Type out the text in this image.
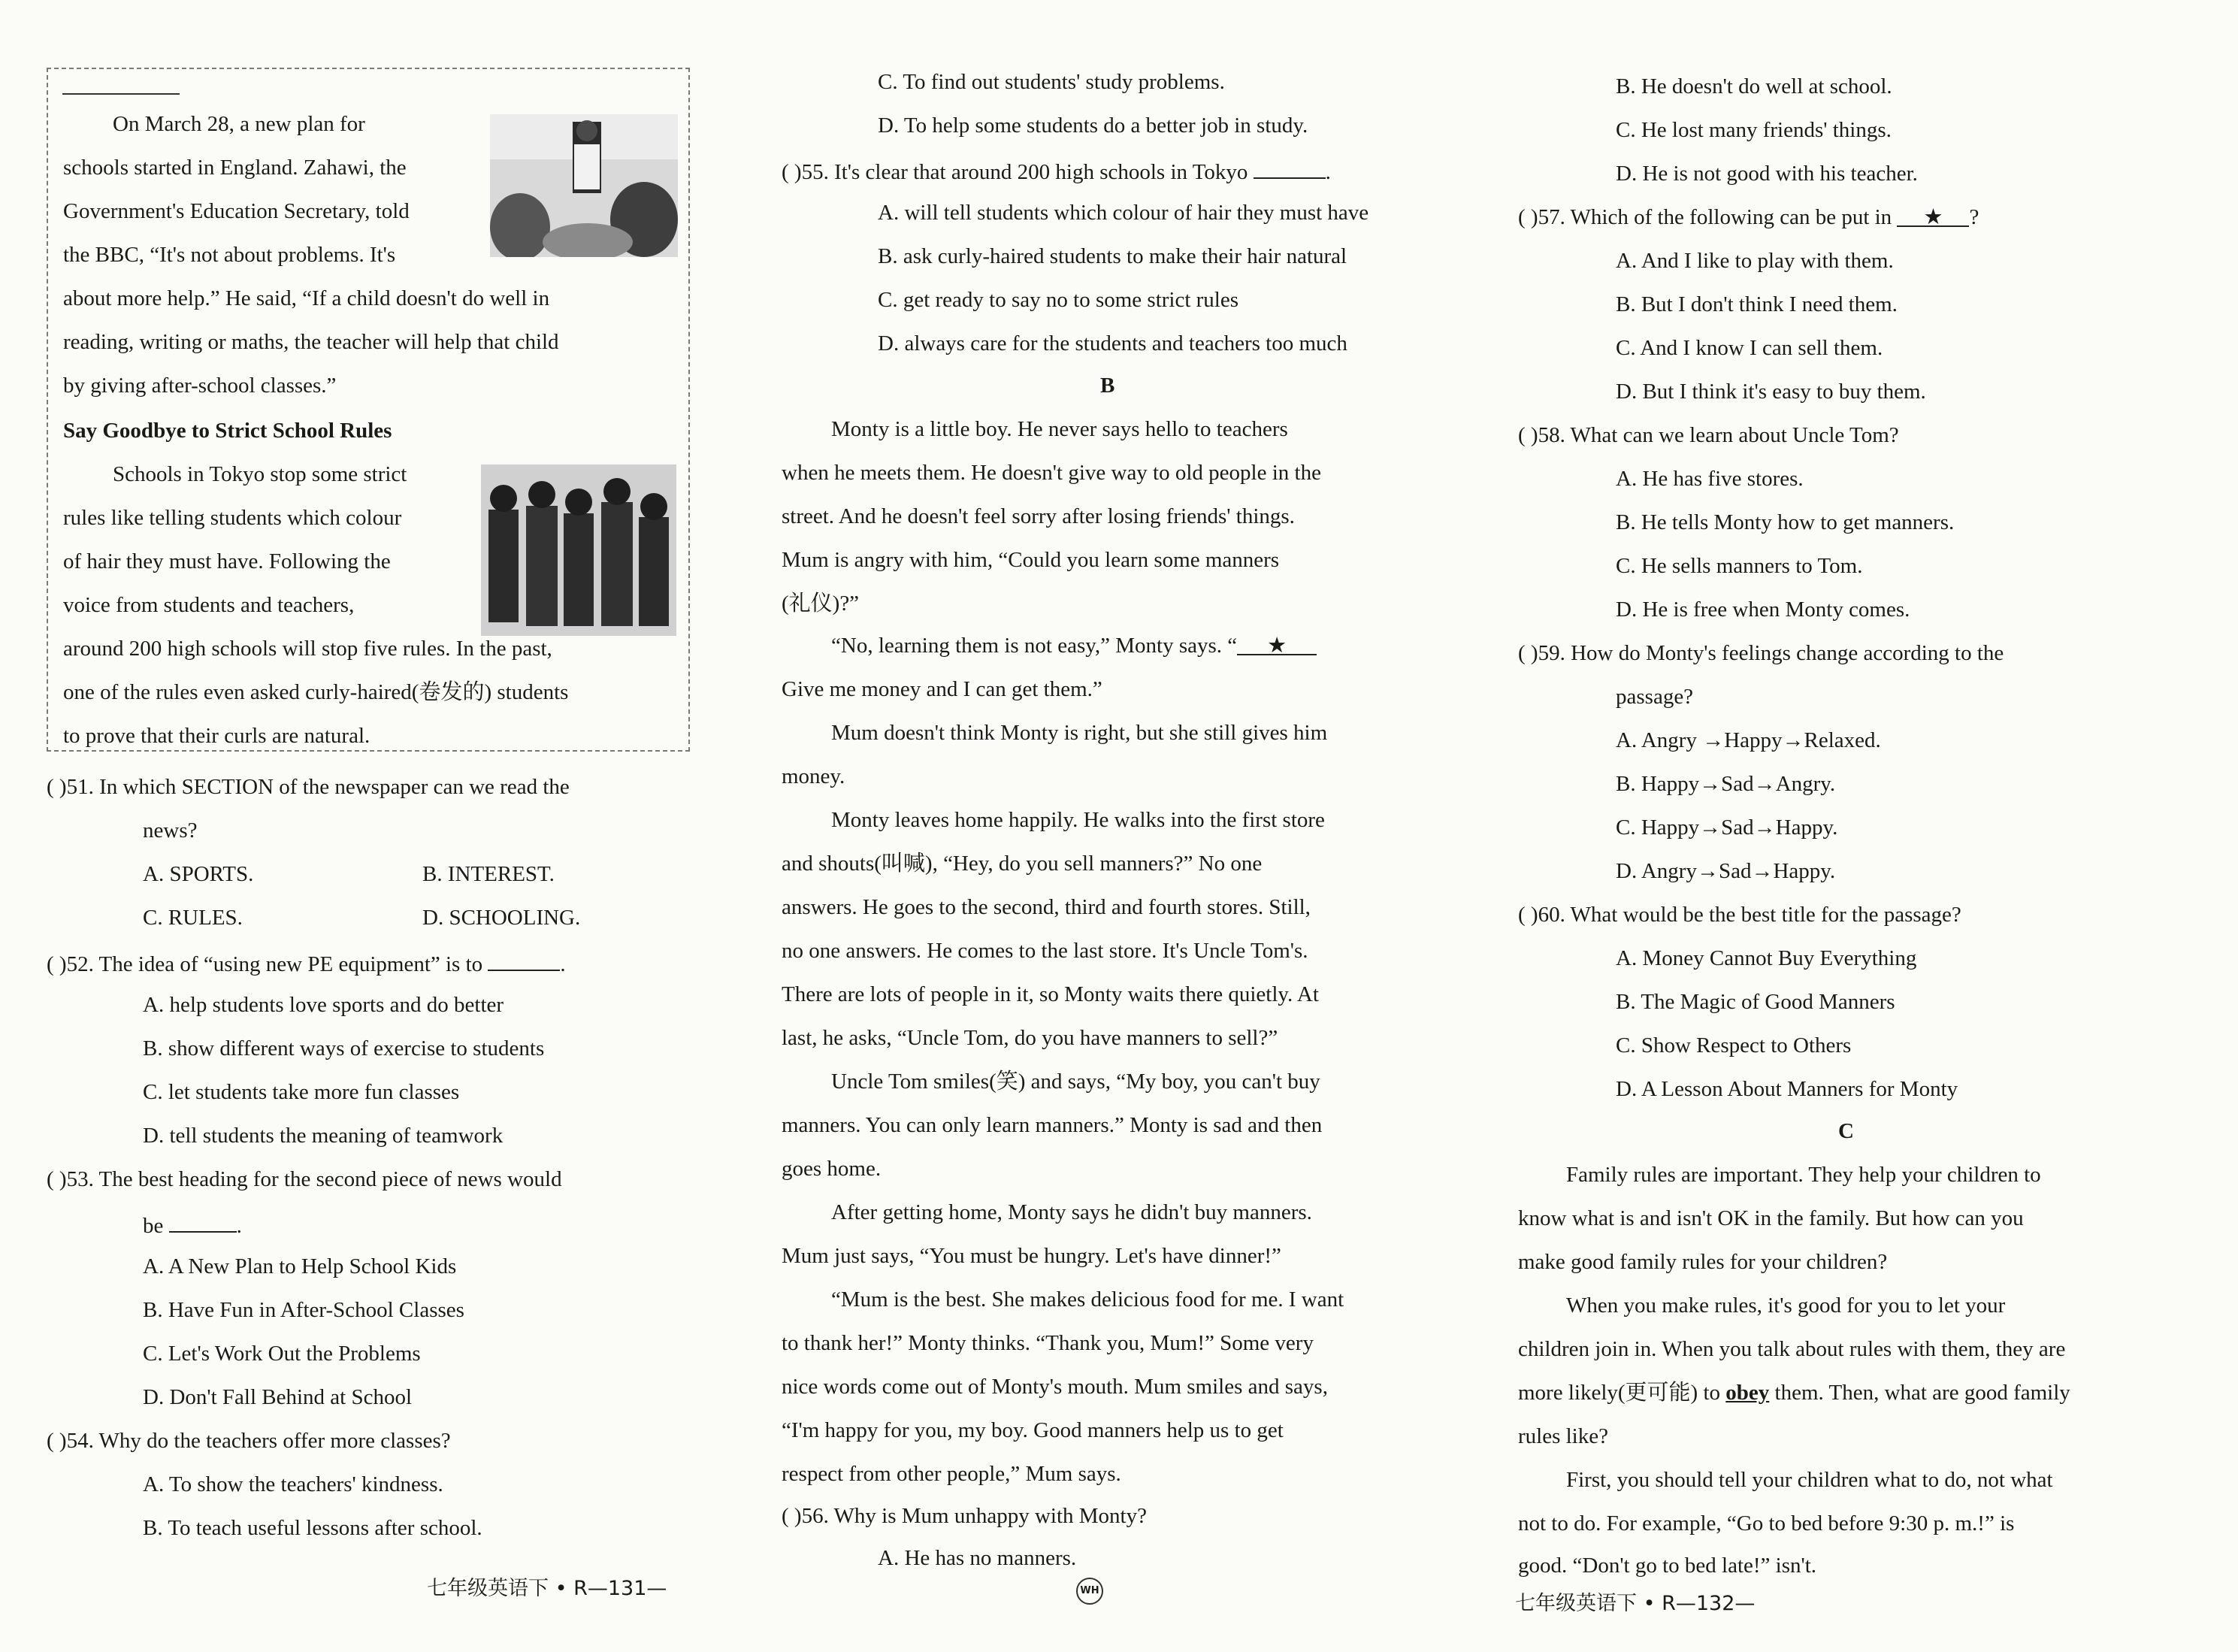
On March 28, a new plan for
schools started in England. Zahawi, the
Government's Education Secretary, told
the BBC, “It's not about problems. It's
about more help.” He said, “If a child doesn't do well in
reading, writing or maths, the teacher will help that child
by giving after-school classes.”
Say Goodbye to Strict School Rules
Schools in Tokyo stop some strict
rules like telling students which colour
of hair they must have. Following the
voice from students and teachers,
around 200 high schools will stop five rules. In the past,
one of the rules even asked curly-haired(卷发的) students
to prove that their curls are natural.
( )51. In which SECTION of the newspaper can we read the
news?
A. SPORTS.	B. INTEREST.
C. RULES.	D. SCHOOLING.
( )52. The idea of “using new PE equipment” is to	.
A. help students love sports and do better
B. show different ways of exercise to students
C. let students take more fun classes
D. tell students the meaning of teamwork
( )53. The best heading for the second piece of news would
be	.
A. A New Plan to Help School Kids
B. Have Fun in After-School Classes
C. Let's Work Out the Problems
D. Don't Fall Behind at School
( )54. Why do the teachers offer more classes?
A. To show the teachers' kindness.
B. To teach useful lessons after school.
七年级英语下 • R—131—
C. To find out students' study problems.
D. To help some students do a better job in study.
( )55. It's clear that around 200 high schools in Tokyo	.
A. will tell students which colour of hair they must have
B. ask curly-haired students to make their hair natural
C. get ready to say no to some strict rules
D. always care for the students and teachers too much
B
Monty is a little boy. He never says hello to teachers
when he meets them. He doesn't give way to old people in the
street. And he doesn't feel sorry after losing friends' things.
Mum is angry with him, “Could you learn some manners
(礼仪)?”
“No, learning them is not easy,” Monty says. “ ★
Give me money and I can get them.”
Mum doesn't think Monty is right, but she still gives him
money.
Monty leaves home happily. He walks into the first store
and shouts(叫喊), “Hey, do you sell manners?” No one
answers. He goes to the second, third and fourth stores. Still,
no one answers. He comes to the last store. It's Uncle Tom's.
There are lots of people in it, so Monty waits there quietly. At
last, he asks, “Uncle Tom, do you have manners to sell?”
Uncle Tom smiles(笑) and says, “My boy, you can't buy
manners. You can only learn manners.” Monty is sad and then
goes home.
After getting home, Monty says he didn't buy manners.
Mum just says, “You must be hungry. Let's have dinner!”
“Mum is the best. She makes delicious food for me. I want
to thank her!” Monty thinks. “Thank you, Mum!” Some very
nice words come out of Monty's mouth. Mum smiles and says,
“I'm happy for you, my boy. Good manners help us to get
respect from other people,” Mum says.
( )56. Why is Mum unhappy with Monty?
A. He has no manners.
WH
B. He doesn't do well at school.
C. He lost many friends' things.
D. He is not good with his teacher.
( )57. Which of the following can be put in ★ ?
A. And I like to play with them.
B. But I don't think I need them.
C. And I know I can sell them.
D. But I think it's easy to buy them.
( )58. What can we learn about Uncle Tom?
A. He has five stores.
B. He tells Monty how to get manners.
C. He sells manners to Tom.
D. He is free when Monty comes.
( )59. How do Monty's feelings change according to the
passage?
A. Angry →Happy→Relaxed.
B. Happy→Sad→Angry.
C. Happy→Sad→Happy.
D. Angry→Sad→Happy.
( )60. What would be the best title for the passage?
A. Money Cannot Buy Everything
B. The Magic of Good Manners
C. Show Respect to Others
D. A Lesson About Manners for Monty
C
Family rules are important. They help your children to
know what is and isn't OK in the family. But how can you
make good family rules for your children?
When you make rules, it's good for you to let your
children join in. When you talk about rules with them, they are
more likely(更可能) to obey them. Then, what are good family
rules like?
First, you should tell your children what to do, not what
not to do. For example, “Go to bed before 9:30 p. m.!” is
good. “Don't go to bed late!” isn't.
七年级英语下 • R—132—
